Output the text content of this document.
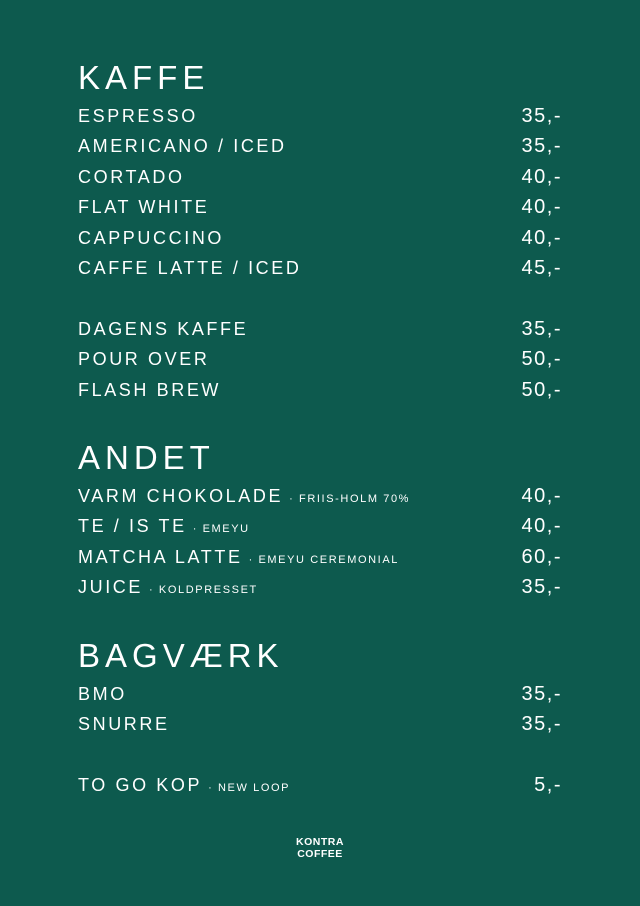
KAFFE
ESPRESSO	35,-
AMERICANO / ICED	35,-
CORTADO	40,-
FLAT WHITE	40,-
CAPPUCCINO	40,-
CAFFE LATTE / ICED	45,-
DAGENS KAFFE	35,-
POUR OVER	50,-
FLASH BREW	50,-
ANDET
VARM CHOKOLADE · FRIIS-HOLM 70%	40,-
TE / IS TE · EMEYU	40,-
MATCHA LATTE · EMEYU CEREMONIAL	60,-
JUICE · KOLDPRESSET	35,-
BAGVÆRK
BMO	35,-
SNURRE	35,-
TO GO KOP · NEW LOOP	5,-
KONTRA
COFFEE
